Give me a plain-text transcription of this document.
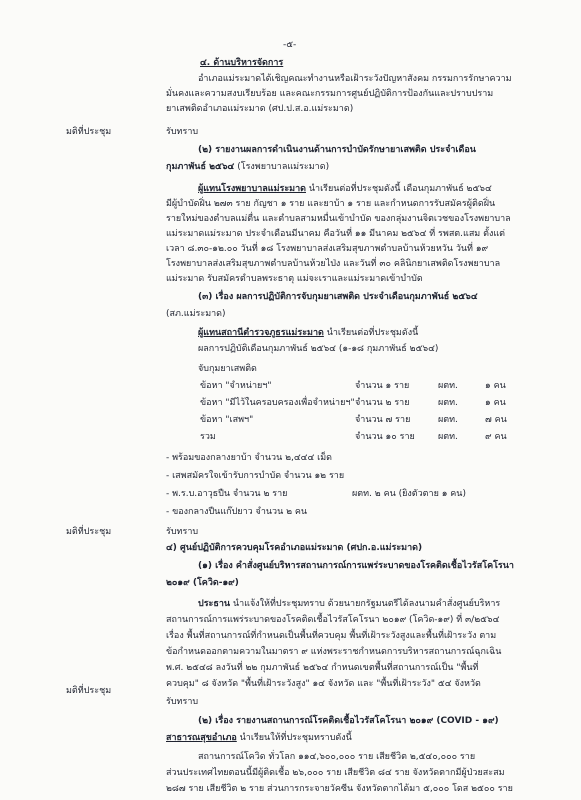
-๕-
๔. ด้านบริหารจัดการ
อำเภอแม่ระมาดได้เชิญคณะทำงานหรือเฝ้าระวังปัญหาสังคม กรรมการรักษาความ
มั่นคงและความสงบเรียบร้อย และคณะกรรมการศูนย์ปฏิบัติการป้องกันและปราบปราม
ยาเสพติดอำเภอแม่ระมาด (ศป.ป.ส.อ.แม่ระมาด)
มติที่ประชุม	รับทราบ
(๒) รายงานผลการดำเนินงานด้านการบำบัดรักษายาเสพติด ประจำเดือน
กุมภาพันธ์ ๒๕๖๔ (โรงพยาบาลแม่ระมาด)
ผู้แทนโรงพยาบาลแม่ระมาด นำเรียนต่อที่ประชุมดังนี้ เดือนกุมภาพันธ์ ๒๕๖๔
มีผู้บำบัดฝิ่น ๒๗๓ ราย กัญชา ๑ ราย และยาบ้า ๑ ราย และกำหนดการรับสมัครผู้ติดฝิ่น
รายใหม่ของตำบลแม่ตื่น และตำบลสามหมื่นเข้าบำบัด ของกลุ่มงานจิตเวชของโรงพยาบาล
แม่ระมาดแม่ระมาด ประจำเดือนมีนาคม คือวันที่ ๑๑ มีนาคม ๒๕๖๔ ที่ รพสต.แสม ตั้งแต่
เวลา ๘.๓๐-๑๒.๐๐ วันที่ ๑๘ โรงพยาบาลส่งเสริมสุขภาพตำบลบ้านห้วยหวัน วันที่ ๑๙
โรงพยาบาลส่งเสริมสุขภาพตำบลบ้านห้วยไป่ง และวันที่ ๓๐ คลินิกยาเสพติดโรงพยาบาล
แม่ระมาด รับสมัครตำบลพระธาตุ แม่จะเราและแม่ระมาดเข้าบำบัด
(๓) เรื่อง ผลการปฏิบัติการจับกุมยาเสพติด ประจำเดือนกุมภาพันธ์ ๒๕๖๔
(สภ.แม่ระมาด)
ผู้แทนสถานีตำรวจภูธรแม่ระมาด นำเรียนต่อที่ประชุมดังนี้
ผลการปฏิบัติเดือนกุมภาพันธ์ ๒๕๖๔ (๑-๑๘ กุมภาพันธ์ ๒๕๖๔)
จับกุมยาเสพติด
ข้อหา "จำหน่ายฯ"	จำนวน ๑ ราย	ผตท.	๑ คน
ข้อหา "มีไว้ในครอบครองเพื่อจำหน่ายฯ" จำนวน ๒ ราย	ผตท.	๑ คน
ข้อหา "เสพฯ"	จำนวน ๗ ราย	ผตท.	๗ คน
รวม	จำนวน ๑๐ ราย	ผตท.	๙ คน
- พร้อมของกลางยาบ้า จำนวน ๒,๔๔๔ เม็ด
- เสพสมัครใจเข้ารับการบำบัด จำนวน ๑๒ ราย
- พ.ร.บ.อาวุธปืน จำนวน ๒ ราย	ผตท. ๒ คน (ยิงตัวตาย ๑ คน)
- ของกลางปืนแก๊ปยาว จำนวน ๒ คน
มติที่ประชุม	รับทราบ
๔) ศูนย์ปฏิบัติการควบคุมโรคอำเภอแม่ระมาด (ศปก.อ.แม่ระมาด)
(๑) เรื่อง คำสั่งศูนย์บริหารสถานการณ์การแพร่ระบาดของโรคติดเชื้อไวรัสโคโรนา
๒๐๑๙ (โควิด-๑๙)
ประธาน นำแจ้งให้ที่ประชุมทราบ ด้วยนายกรัฐมนตรีได้ลงนามคำสั่งศูนย์บริหาร
สถานการณ์การแพร่ระบาดของโรคติดเชื้อไวรัสโคโรนา ๒๐๑๙ (โควิด-๑๙) ที่ ๓/๒๕๖๔
เรื่อง พื้นที่สถานการณ์ที่กำหนดเป็นพื้นที่ควบคุม พื้นที่เฝ้าระวังสูงและพื้นที่เฝ้าระวัง ตาม
ข้อกำหนดออกตามความในมาตรา ๙ แห่งพระราชกำหนดการบริหารสถานการณ์ฉุกเฉิน
พ.ศ. ๒๕๔๘ ลงวันที่ ๒๒ กุมภาพันธ์ ๒๕๖๔ กำหนดเขตพื้นที่สถานการณ์เป็น "พื้นที่
ควบคุม" ๘ จังหวัด "พื้นที่เฝ้าระวังสูง" ๑๔ จังหวัด และ "พื้นที่เฝ้าระวัง" ๕๔ จังหวัด
มติที่ประชุม
รับทราบ
(๒) เรื่อง รายงานสถานการณ์โรคติดเชื้อไวรัสโคโรนา ๒๐๑๙ (COVID - ๑๙)
สาธารณสุขอำเภอ นำเรียนให้ที่ประชุมทราบดังนี้
สถานการณ์โควิด ทั่วโลก ๑๑๔,๖๐๐,๐๐๐ ราย เสียชีวิต ๒,๕๔๐,๐๐๐ ราย
ส่วนประเทศไทยตอนนี้มีผู้ติดเชื้อ ๒๖,๐๐๐ ราย เสียชีวิต ๘๔ ราย จังหวัดตากมีผู้ป่วยสะสม
๒๘๗ ราย เสียชีวิต ๒ ราย ส่วนการกระจายวัคซีน จังหวัดตากได้มา ๕,๐๐๐ โดส ๒๕๐๐ ราย
